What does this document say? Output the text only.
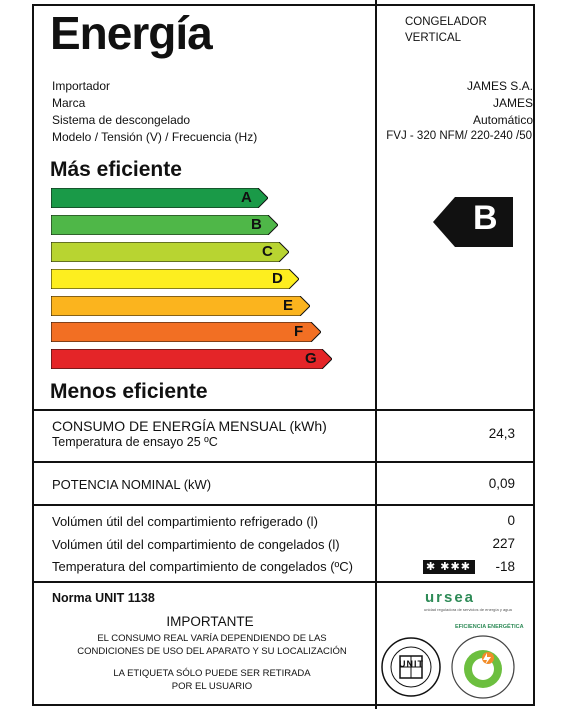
Energía	CONGELADOR
VERTICAL
Importador	JAMES S.A.
Marca	JAMES
Sistema de descongelado	Automático
Modelo / Tensión (V) / Frecuencia (Hz)	FVJ - 320 NFM/ 220-240 /50
Más eficiente
A
B
C
D
E
F
G
B
Menos eficiente
CONSUMO DE ENERGÍA MENSUAL (kWh)
Temperatura de ensayo 25 ºC
24,3
POTENCIA NOMINAL (kW)	0,09
Volúmen útil del compartimiento refrigerado (l)	0
Volúmen útil del compartimiento de congelados (l)	227
Temperatura del compartimiento de congelados (ºC)	✱ ✱✱✱ -18
Norma UNIT 1138
IMPORTANTE
EL CONSUMO REAL VARÍA DEPENDIENDO DE LAS
CONDICIONES DE USO DEL APARATO Y SU LOCALIZACIÓN
LA ETIQUETA SÓLO PUEDE SER RETIRADA
POR EL USUARIO
ursea
unidad reguladora de servicios de energía y agua
UNIT
EFICIENCIA ENERGÉTICA
